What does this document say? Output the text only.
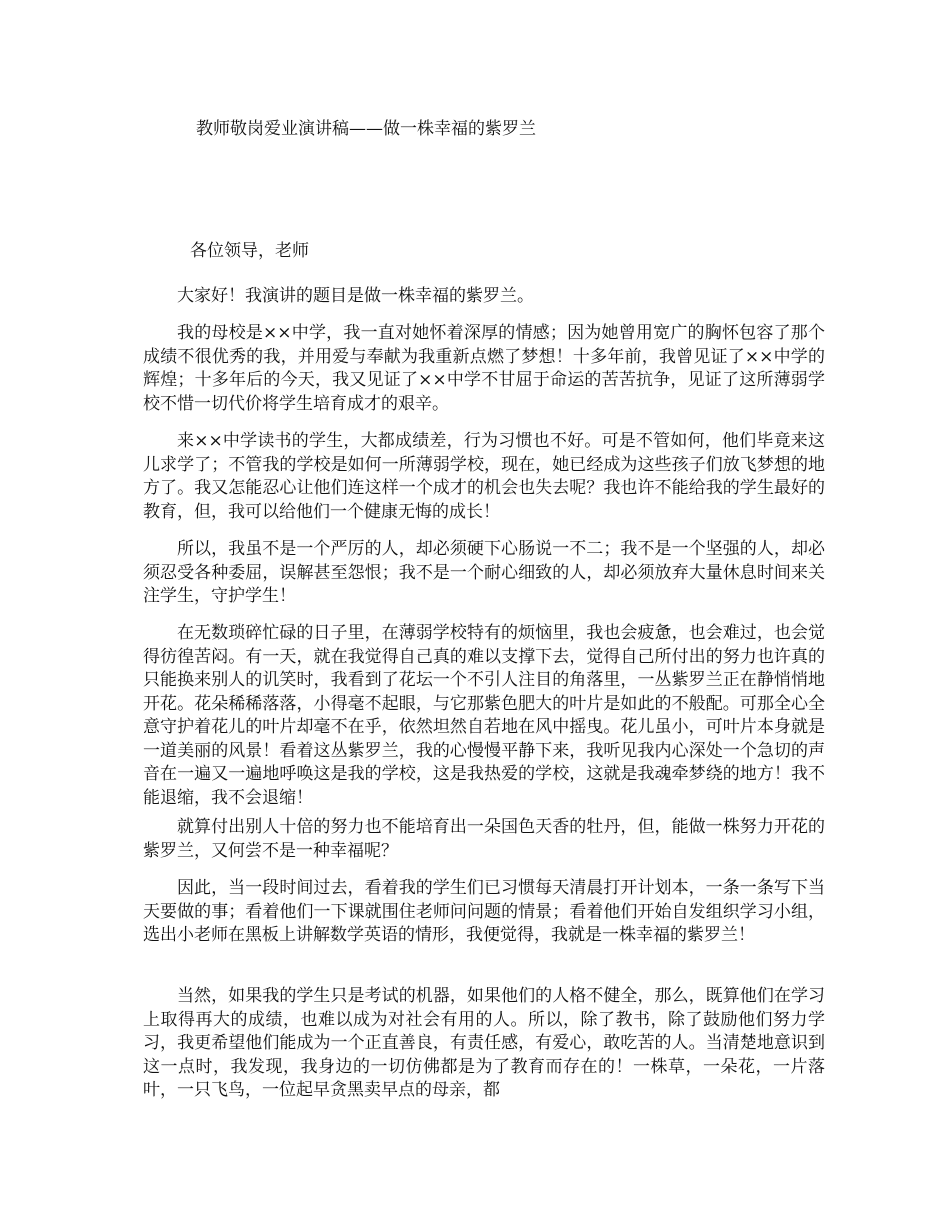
教师敬岗爱业演讲稿——做一株幸福的紫罗兰
各位领导，老师

大家好！我演讲的题目是做一株幸福的紫罗兰。

我的母校是××中学，我一直对她怀着深厚的情感；因为她曾用宽广的胸怀包容了那个成绩不很优秀的我，并用爱与奉献为我重新点燃了梦想！十多年前，我曾见证了××中学的辉煌；十多年后的今天，我又见证了××中学不甘屈于命运的苦苦抗争，见证了这所薄弱学校不惜一切代价将学生培育成才的艰辛。

来××中学读书的学生，大都成绩差，行为习惯也不好。可是不管如何，他们毕竟来这儿求学了；不管我的学校是如何一所薄弱学校，现在，她已经成为这些孩子们放飞梦想的地方了。我又怎能忍心让他们连这样一个成才的机会也失去呢？我也许不能给我的学生最好的教育，但，我可以给他们一个健康无悔的成长！

所以，我虽不是一个严厉的人，却必须硬下心肠说一不二；我不是一个坚强的人，却必须忍受各种委屈，误解甚至怨恨；我不是一个耐心细致的人，却必须放弃大量休息时间来关注学生，守护学生！

在无数琐碎忙碌的日子里，在薄弱学校特有的烦恼里，我也会疲惫，也会难过，也会觉得彷徨苦闷。有一天，就在我觉得自己真的难以支撑下去，觉得自己所付出的努力也许真的只能换来别人的讥笑时，我看到了花坛一个不引人注目的角落里，一丛紫罗兰正在静悄悄地开花。花朵稀稀落落，小得毫不起眼，与它那紫色肥大的叶片是如此的不般配。可那全心全意守护着花儿的叶片却毫不在乎，依然坦然自若地在风中摇曳。花儿虽小，可叶片本身就是一道美丽的风景！看着这丛紫罗兰，我的心慢慢平静下来，我听见我内心深处一个急切的声音在一遍又一遍地呼唤这是我的学校，这是我热爱的学校，这就是我魂牵梦绕的地方！我不能退缩，我不会退缩！

就算付出别人十倍的努力也不能培育出一朵国色天香的牡丹，但，能做一株努力开花的紫罗兰，又何尝不是一种幸福呢？

因此，当一段时间过去，看着我的学生们已习惯每天清晨打开计划本，一条一条写下当天要做的事；看着他们一下课就围住老师问问题的情景；看着他们开始自发组织学习小组，选出小老师在黑板上讲解数学英语的情形，我便觉得，我就是一株幸福的紫罗兰！

当然，如果我的学生只是考试的机器，如果他们的人格不健全，那么，既算他们在学习上取得再大的成绩，也难以成为对社会有用的人。所以，除了教书，除了鼓励他们努力学习，我更希望他们能成为一个正直善良，有责任感，有爱心，敢吃苦的人。当清楚地意识到这一点时，我发现，我身边的一切仿佛都是为了教育而存在的！一株草，一朵花，一片落叶，一只飞鸟，一位起早贪黑卖早点的母亲，都
